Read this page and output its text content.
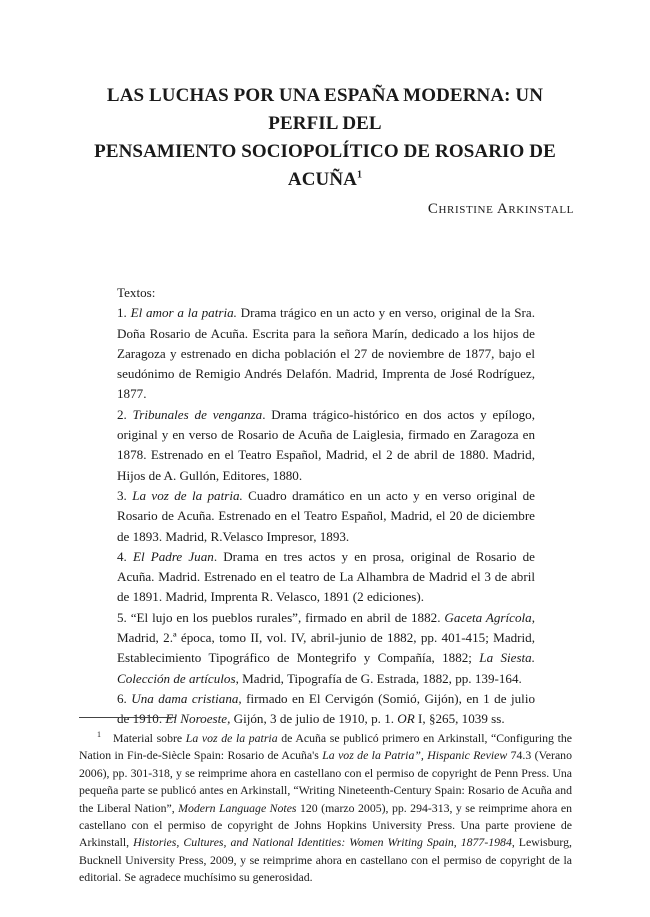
LAS LUCHAS POR UNA ESPAÑA MODERNA: UN PERFIL DEL
PENSAMIENTO SOCIOPOLÍTICO DE ROSARIO DE ACUÑA$^1$
Christine Arkinstall

Textos:

1. El amor a la patria. Drama trágico en un acto y en verso, original de la Sra. Doña Rosario de Acuña. Escrita para la señora Marín, dedicado a los hijos de Zaragoza y estrenado en dicha población el 27 de noviembre de 1877, bajo el seudónimo de Remigio Andrés Delafón. Madrid, Imprenta de José Rodríguez, 1877.

2. Tribunales de venganza. Drama trágico-histórico en dos actos y epílogo, original y en verso de Rosario de Acuña de Laiglesia, firmado en Zaragoza en 1878. Estrenado en el Teatro Español, Madrid, el 2 de abril de 1880. Madrid, Hijos de A. Gullón, Editores, 1880.

3. La voz de la patria. Cuadro dramático en un acto y en verso original de Rosario de Acuña. Estrenado en el Teatro Español, Madrid, el 20 de diciembre de 1893. Madrid, R.Velasco Impresor, 1893.

4. El Padre Juan. Drama en tres actos y en prosa, original de Rosario de Acuña. Madrid. Estrenado en el teatro de La Alhambra de Madrid el 3 de abril de 1891. Madrid, Imprenta R. Velasco, 1891 (2 ediciones).

5. “El lujo en los pueblos rurales”, firmado en abril de 1882. Gaceta Agrícola, Madrid, 2.ª época, tomo II, vol. IV, abril-junio de 1882, pp. 401-415; Madrid, Establecimiento Tipográfico de Montegrifo y Compañía, 1882; La Siesta. Colección de artículos, Madrid, Tipografía de G. Estrada, 1882, pp. 139-164.

6. Una dama cristiana, firmado en El Cervigón (Somió, Gijón), en 1 de julio de 1910. El Noroeste, Gijón, 3 de julio de 1910, p. 1. OR I, §265, 1039 ss.

$^1$ Material sobre La voz de la patria de Acuña se publicó primero en Arkinstall, “Configuring the Nation in Fin-de-Siècle Spain: Rosario de Acuña's La voz de la Patria”, Hispanic Review 74.3 (Verano 2006), pp. 301-318, y se reimprime ahora en castellano con el permiso de copyright de Penn Press. Una pequeña parte se publicó antes en Arkinstall, “Writing Nineteenth-Century Spain: Rosario de Acuña and the Liberal Nation”, Modern Language Notes 120 (marzo 2005), pp. 294-313, y se reimprime ahora en castellano con el permiso de copyright de Johns Hopkins University Press. Una parte proviene de Arkinstall, Histories, Cultures, and National Identities: Women Writing Spain, 1877-1984, Lewisburg, Bucknell University Press, 2009, y se reimprime ahora en castellano con el permiso de copyright de la editorial. Se agradece muchísimo su generosidad.
